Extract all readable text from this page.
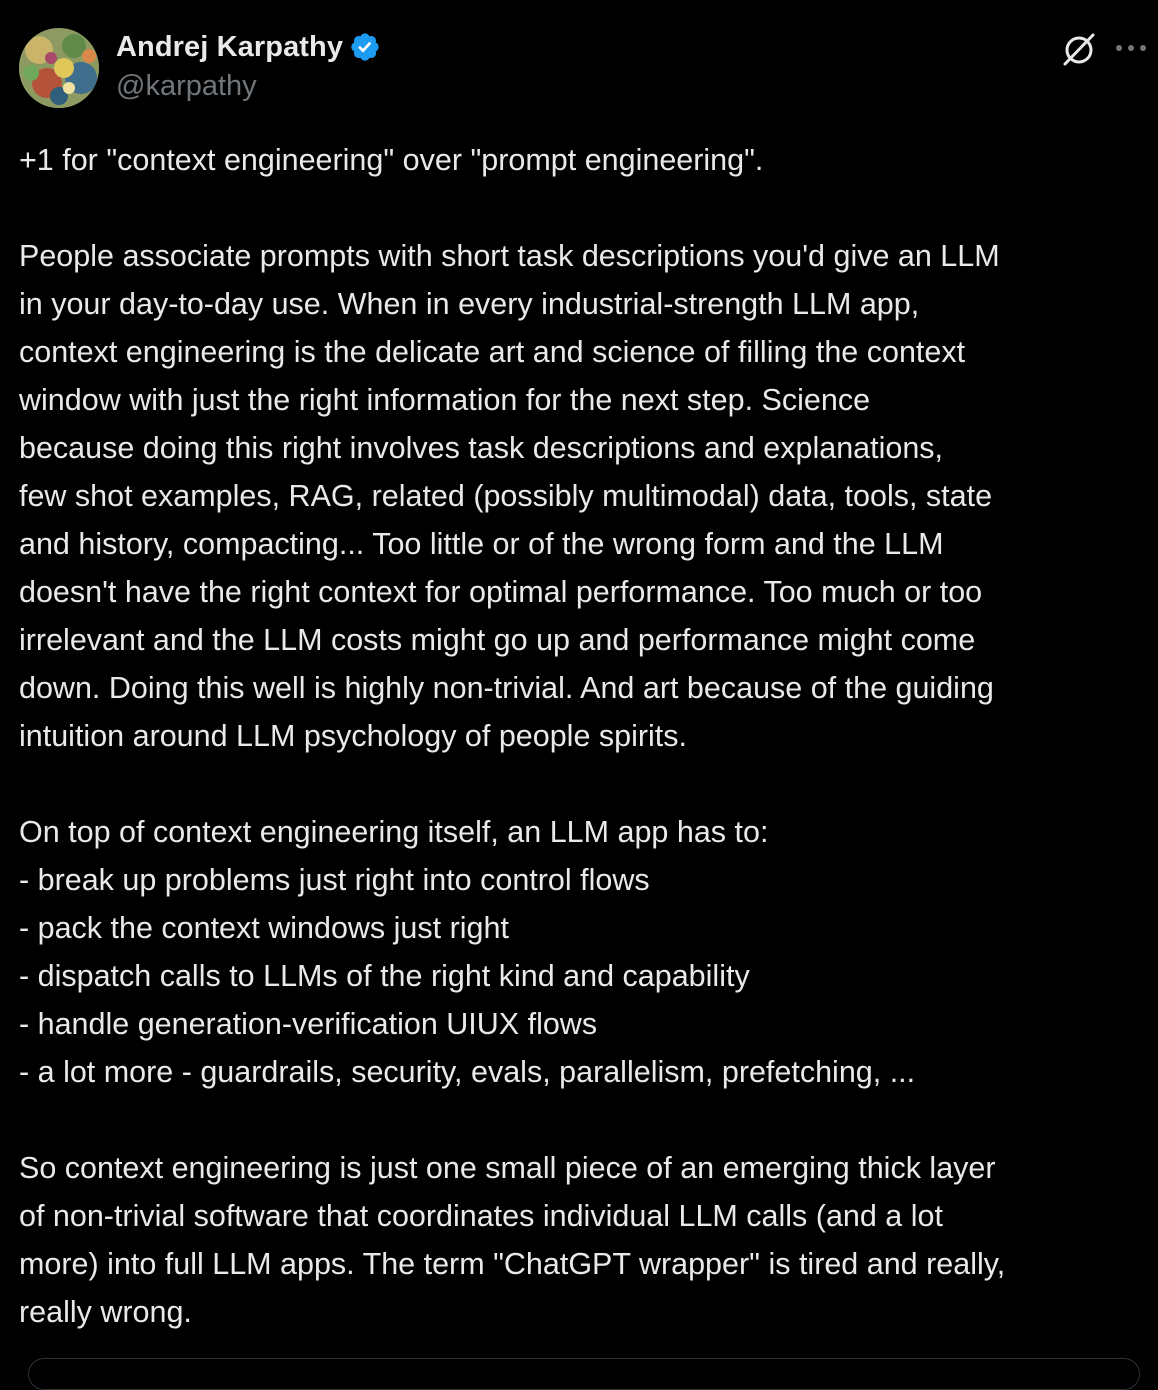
Andrej Karpathy
@karpathy
+1 for "context engineering" over "prompt engineering".
People associate prompts with short task descriptions you'd give an LLM
in your day-to-day use. When in every industrial-strength LLM app,
context engineering is the delicate art and science of filling the context
window with just the right information for the next step. Science
because doing this right involves task descriptions and explanations,
few shot examples, RAG, related (possibly multimodal) data, tools, state
and history, compacting... Too little or of the wrong form and the LLM
doesn't have the right context for optimal performance. Too much or too
irrelevant and the LLM costs might go up and performance might come
down. Doing this well is highly non-trivial. And art because of the guiding
intuition around LLM psychology of people spirits.
On top of context engineering itself, an LLM app has to:
- break up problems just right into control flows
- pack the context windows just right
- dispatch calls to LLMs of the right kind and capability
- handle generation-verification UIUX flows
- a lot more - guardrails, security, evals, parallelism, prefetching, ...
So context engineering is just one small piece of an emerging thick layer
of non-trivial software that coordinates individual LLM calls (and a lot
more) into full LLM apps. The term "ChatGPT wrapper" is tired and really,
really wrong.
